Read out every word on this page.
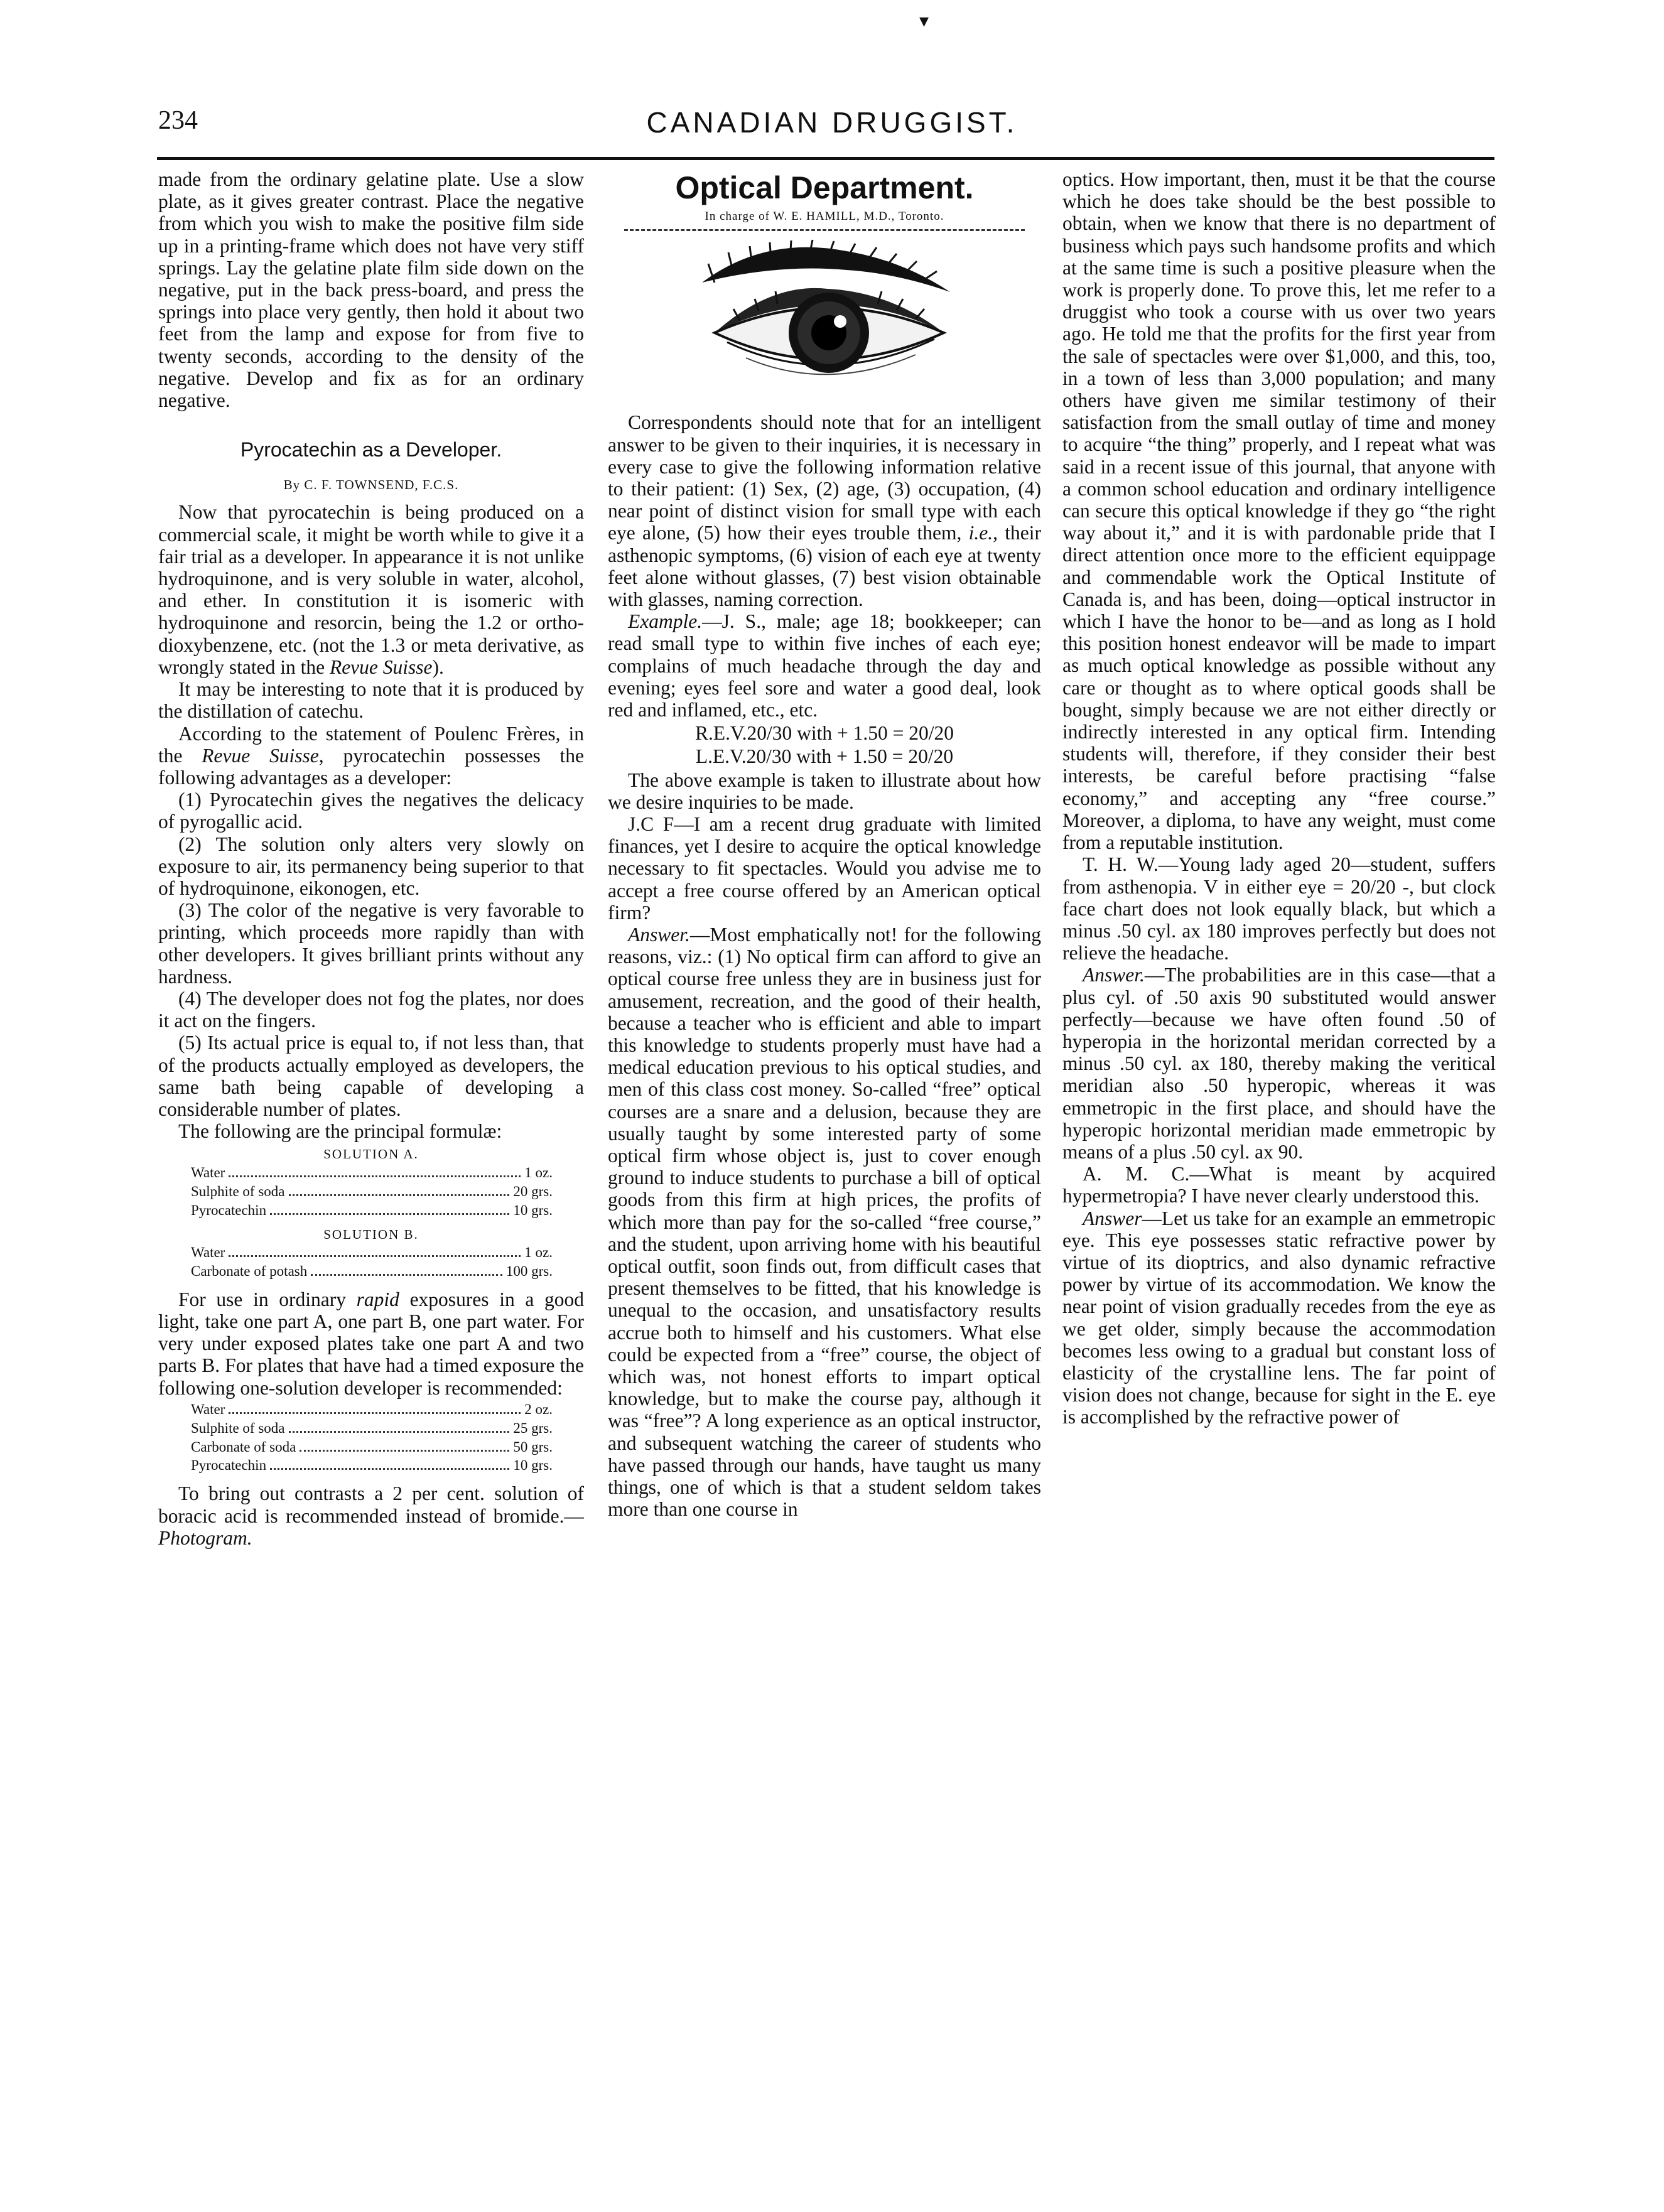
▾
234	CANADIAN DRUGGIST.

made from the ordinary gelatine plate. Use a slow plate, as it gives greater contrast. Place the negative from which you wish to make the positive film side up in a printing-frame which does not have very stiff springs. Lay the gelatine plate film side down on the negative, put in the back press-board, and press the springs into place very gently, then hold it about two feet from the lamp and expose for from five to twenty seconds, according to the density of the negative. Develop and fix as for an ordinary negative.

Pyrocatechin as a Developer.

By C. F. TOWNSEND, F.C.S.

Now that pyrocatechin is being produced on a commercial scale, it might be worth while to give it a fair trial as a developer. In appearance it is not unlike hydroquinone, and is very soluble in water, alcohol, and ether. In constitution it is isomeric with hydroquinone and resorcin, being the 1.2 or ortho-dioxybenzene, etc. (not the 1.3 or meta derivative, as wrongly stated in the Revue Suisse).

It may be interesting to note that it is produced by the distillation of catechu.

According to the statement of Poulenc Frères, in the Revue Suisse, pyrocatechin possesses the following advantages as a developer:

(1) Pyrocatechin gives the negatives the delicacy of pyrogallic acid.

(2) The solution only alters very slowly on exposure to air, its permanency being superior to that of hydroquinone, eikonogen, etc.

(3) The color of the negative is very favorable to printing, which proceeds more rapidly than with other developers. It gives brilliant prints without any hardness.

(4) The developer does not fog the plates, nor does it act on the fingers.

(5) Its actual price is equal to, if not less than, that of the products actually employed as developers, the same bath being capable of developing a considerable number of plates.

The following are the principal formulæ:

SOLUTION A.

Water	1 oz.
Sulphite of soda	20 grs.
Pyrocatechin	10 grs.

SOLUTION B.

Water	1 oz.
Carbonate of potash	100 grs.

For use in ordinary rapid exposures in a good light, take one part A, one part B, one part water. For very under exposed plates take one part A and two parts B. For plates that have had a timed exposure the following one-solution developer is recommended:

Water	2 oz.
Sulphite of soda	25 grs.
Carbonate of soda	50 grs.
Pyrocatechin	10 grs.

To bring out contrasts a 2 per cent. solution of boracic acid is recommended instead of bromide.—Photogram.

Optical Department.

In charge of W. E. HAMILL, M.D., Toronto.

Correspondents should note that for an intelligent answer to be given to their inquiries, it is necessary in every case to give the following information relative to their patient: (1) Sex, (2) age, (3) occupation, (4) near point of distinct vision for small type with each eye alone, (5) how their eyes trouble them, i.e., their asthenopic symptoms, (6) vision of each eye at twenty feet alone without glasses, (7) best vision obtainable with glasses, naming correction.

Example.—J. S., male; age 18; bookkeeper; can read small type to within five inches of each eye; complains of much headache through the day and evening; eyes feel sore and water a good deal, look red and inflamed, etc., etc.

R.E.V.20/30 with + 1.50 = 20/20

L.E.V.20/30 with + 1.50 = 20/20

The above example is taken to illustrate about how we desire inquiries to be made.

J.C F—I am a recent drug graduate with limited finances, yet I desire to acquire the optical knowledge necessary to fit spectacles. Would you advise me to accept a free course offered by an American optical firm?

Answer.—Most emphatically not! for the following reasons, viz.: (1) No optical firm can afford to give an optical course free unless they are in business just for amusement, recreation, and the good of their health, because a teacher who is efficient and able to impart this knowledge to students properly must have had a medical education previous to his optical studies, and men of this class cost money. So-called “free” optical courses are a snare and a delusion, because they are usually taught by some interested party of some optical firm whose object is, just to cover enough ground to induce students to purchase a bill of optical goods from this firm at high prices, the profits of which more than pay for the so-called “free course,” and the student, upon arriving home with his beautiful optical outfit, soon finds out, from difficult cases that present themselves to be fitted, that his knowledge is unequal to the occasion, and unsatisfactory results accrue both to himself and his customers. What else could be expected from a “free” course, the object of which was, not honest efforts to impart optical knowledge, but to make the course pay, although it was “free”? A long experience as an optical instructor, and subsequent watching the career of students who have passed through our hands, have taught us many things, one of which is that a student seldom takes more than one course in

optics. How important, then, must it be that the course which he does take should be the best possible to obtain, when we know that there is no department of business which pays such handsome profits and which at the same time is such a positive pleasure when the work is properly done. To prove this, let me refer to a druggist who took a course with us over two years ago. He told me that the profits for the first year from the sale of spectacles were over $1,000, and this, too, in a town of less than 3,000 population; and many others have given me similar testimony of their satisfaction from the small outlay of time and money to acquire “the thing” properly, and I repeat what was said in a recent issue of this journal, that anyone with a common school education and ordinary intelligence can secure this optical knowledge if they go “the right way about it,” and it is with pardonable pride that I direct attention once more to the efficient equippage and commendable work the Optical Institute of Canada is, and has been, doing—optical instructor in which I have the honor to be—and as long as I hold this position honest endeavor will be made to impart as much optical knowledge as possible without any care or thought as to where optical goods shall be bought, simply because we are not either directly or indirectly interested in any optical firm. Intending students will, therefore, if they consider their best interests, be careful before practising “false economy,” and accepting any “free course.” Moreover, a diploma, to have any weight, must come from a reputable institution.

T. H. W.—Young lady aged 20—student, suffers from asthenopia. V in either eye = 20/20 -, but clock face chart does not look equally black, but which a minus .50 cyl. ax 180 improves perfectly but does not relieve the headache.

Answer.—The probabilities are in this case—that a plus cyl. of .50 axis 90 substituted would answer perfectly—because we have often found .50 of hyperopia in the horizontal meridan corrected by a minus .50 cyl. ax 180, thereby making the veritical meridian also .50 hyperopic, whereas it was emmetropic in the first place, and should have the hyperopic horizontal meridian made emmetropic by means of a plus .50 cyl. ax 90.

A. M. C.—What is meant by acquired hypermetropia? I have never clearly understood this.

Answer—Let us take for an example an emmetropic eye. This eye possesses static refractive power by virtue of its dioptrics, and also dynamic refractive power by virtue of its accommodation. We know the near point of vision gradually recedes from the eye as we get older, simply because the accommodation becomes less owing to a gradual but constant loss of elasticity of the crystalline lens. The far point of vision does not change, because for sight in the E. eye is accomplished by the refractive power of
